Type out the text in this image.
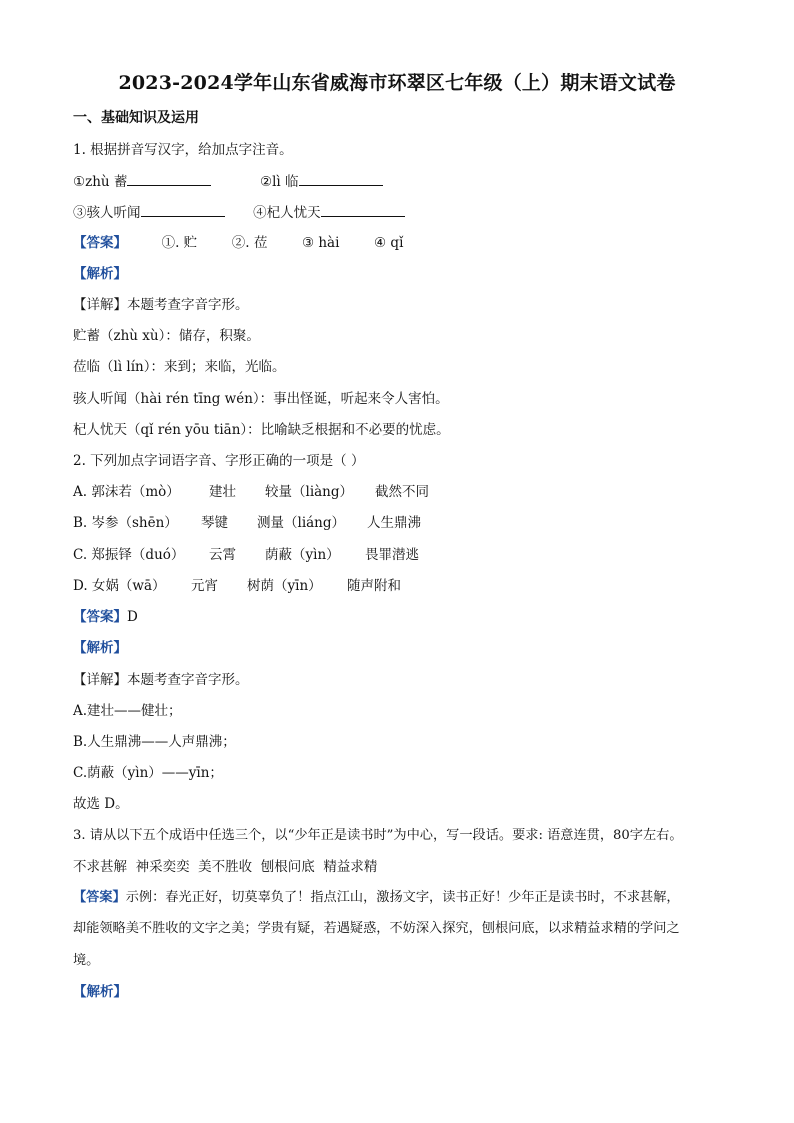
2023-2024学年山东省威海市环翠区七年级（上）期末语文试卷
一、基础知识及运用
1. 根据拼音写汉字，给加点字注音。
①zhù 蓄	②lì 临
③骇人听闻	④杞人忧天
【答案】	①. 贮	②. 莅	③ hài	④ qǐ
【解析】
【详解】本题考查字音字形。
贮蓄（zhù xù）：储存，积聚。
莅临（lì lín）：来到；来临，光临。
骇人听闻（hài rén tīng wén）：事出怪诞，听起来令人害怕。
杞人忧天（qǐ rén yōu tiān）：比喻缺乏根据和不必要的忧虑。
2. 下列加点字词语字音、字形正确的一项是（ ）
A. 郭沫若（mò） 建壮 较量（liàng） 截然不同
B. 岑参（shēn） 琴键 测量（liáng） 人生鼎沸
C. 郑振铎（duó） 云霄 荫蔽（yìn） 畏罪潜逃
D. 女娲（wā） 元宵 树荫（yīn） 随声附和
【答案】D
【解析】
【详解】本题考查字音字形。
A.建壮——健壮；
B.人生鼎沸——人声鼎沸；
C.荫蔽（yìn）——yīn；
故选 D。
3. 请从以下五个成语中任选三个，以“少年正是读书时”为中心，写一段话。要求: 语意连贯，80字左右。
不求甚解  神采奕奕  美不胜收  刨根问底  精益求精
【答案】示例：春光正好，切莫辜负了！指点江山，激扬文字，读书正好！少年正是读书时，不求甚解，
却能领略美不胜收的文字之美；学贵有疑，若遇疑惑，不妨深入探究，刨根问底，以求精益求精的学问之
境。
【解析】
